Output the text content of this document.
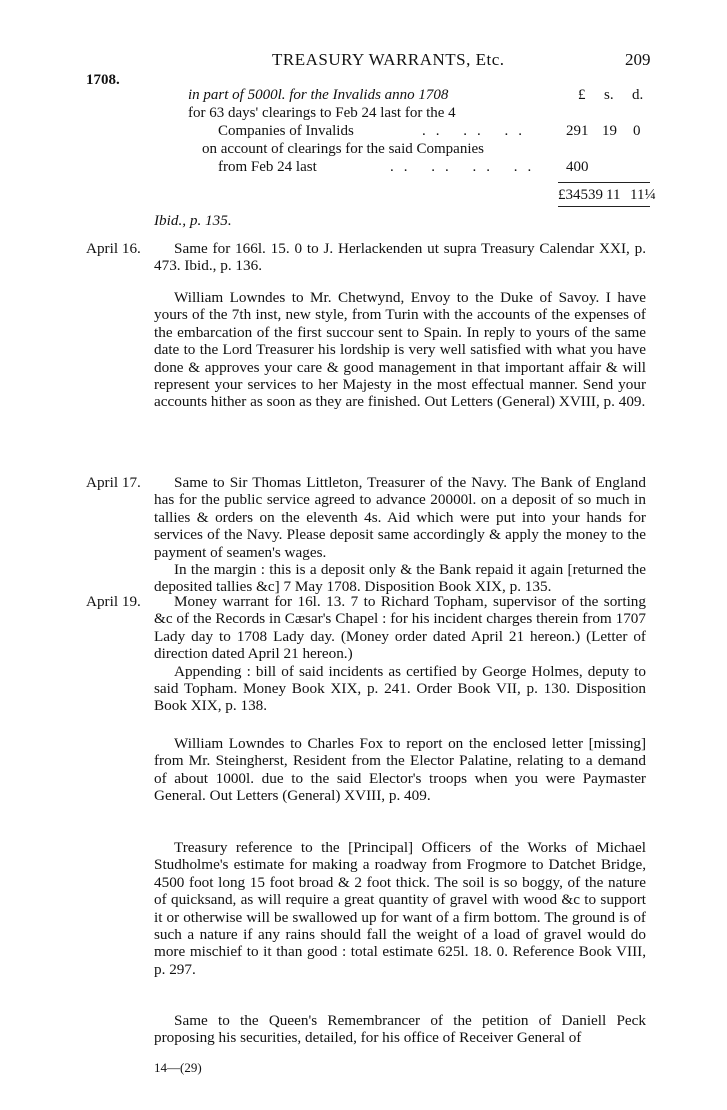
TREASURY WARRANTS, Etc.	209
1708.
in part of 5000l. for the Invalids anno 1708	£ s. d.
for 63 days' clearings to Feb 24 last for the 4
Companies of Invalids	.. .. .. 291 19 0
on account of clearings for the said Companies
from Feb 24 last	.. .. .. .. 400
£34539 11 11¼
Ibid., p. 135.
April 16.	Same for 166l. 15. 0 to J. Herlackenden ut supra Treasury Calendar XXI, p. 473. Ibid., p. 136.

William Lowndes to Mr. Chetwynd, Envoy to the Duke of Savoy. I have yours of the 7th inst, new style, from Turin with the accounts of the expenses of the embarcation of the first succour sent to Spain. In reply to yours of the same date to the Lord Treasurer his lordship is very well satisfied with what you have done & approves your care & good management in that important affair & will represent your services to her Majesty in the most effectual manner. Send your accounts hither as soon as they are finished. Out Letters (General) XVIII, p. 409.

April 17.	Same to Sir Thomas Littleton, Treasurer of the Navy. The Bank of England has for the public service agreed to advance 20000l. on a deposit of so much in tallies & orders on the eleventh 4s. Aid which were put into your hands for services of the Navy. Please deposit same accordingly & apply the money to the payment of seamen's wages.

In the margin : this is a deposit only & the Bank repaid it again [returned the deposited tallies &c] 7 May 1708. Disposition Book XIX, p. 135.

April 19.	Money warrant for 16l. 13. 7 to Richard Topham, supervisor of the sorting &c of the Records in Cæsar's Chapel : for his incident charges therein from 1707 Lady day to 1708 Lady day. (Money order dated April 21 hereon.) (Letter of direction dated April 21 hereon.)

Appending : bill of said incidents as certified by George Holmes, deputy to said Topham. Money Book XIX, p. 241. Order Book VII, p. 130. Disposition Book XIX, p. 138.

William Lowndes to Charles Fox to report on the enclosed letter [missing] from Mr. Steingherst, Resident from the Elector Palatine, relating to a demand of about 1000l. due to the said Elector's troops when you were Paymaster General. Out Letters (General) XVIII, p. 409.

Treasury reference to the [Principal] Officers of the Works of Michael Studholme's estimate for making a roadway from Frogmore to Datchet Bridge, 4500 foot long 15 foot broad & 2 foot thick. The soil is so boggy, of the nature of quicksand, as will require a great quantity of gravel with wood &c to support it or otherwise will be swallowed up for want of a firm bottom. The ground is of such a nature if any rains should fall the weight of a load of gravel would do more mischief to it than good : total estimate 625l. 18. 0. Reference Book VIII, p. 297.

Same to the Queen's Remembrancer of the petition of Daniell Peck proposing his securities, detailed, for his office of Receiver General of

14—(29)
